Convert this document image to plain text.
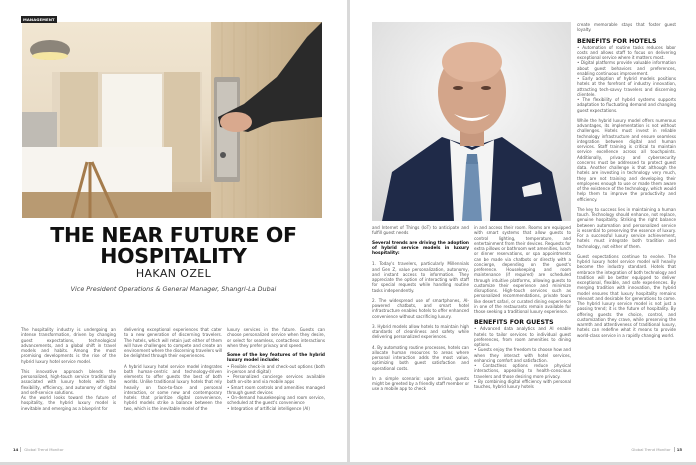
MANAGEMENT
THE NEAR FUTURE OF
HOSPITALITY
HAKAN OZEL
Vice President Operations & General Manager, Shangri-La Dubai

The hospitality industry is undergoing an intense transformation, driven by changing guest expectations, technological advancements, and a global shift in travel models and habits. Among the most promising developments is the rise of the hybrid luxury hotel service model.

This innovative approach blends the personalized, high-touch service traditionally associated with luxury hotels with the flexibility, efficiency, and autonomy of digital and self-service solutions.

As the world looks toward the future of hospitality, the hybrid luxury model is inevitable and emerging as a blueprint for

delivering exceptional experiences that cater to a new generation of discerning travelers. The hotels, which will retain just either of them will have challenges to compete and create an environment where the discerning travelers will be delighted through their experiences.

A hybrid luxury hotel service model integrates both human-centric and technology-driven elements to offer guests the best of both worlds. Unlike traditional luxury hotels that rely heavily on face-to-face and personal interaction, or some new and contemporary hotels that prioritize digital convenience, hybrid models strike a balance between the two, which is the inevitable model of the

luxury services in the future. Guests can choose personalized service when they desire, or select for seamless, contactless interactions when they prefer privacy and speed.

Some of the key features of the hybrid luxury model include:

• Flexible check-in and check-out options (both in-person and digital)
• Personalized concierge services available both on-site and via mobile apps
• Smart room controls and amenities managed through guest devices
• On-demand housekeeping and room service, scheduled at the guest's convenience
• Integration of artificial intelligence (AI)
14 Global Trend Monitor

and Internet of Things (IoT) to anticipate and fulfill guest needs

Several trends are driving the adoption of hybrid service models in luxury hospitality:

1. Today's travelers, particularly Millennials and Gen Z, value personalization, autonomy, and instant access to information. They appreciate the option of interacting with staff for special requests while handling routine tasks independently.

2. The widespread use of smartphones, AI-powered chatbots, and smart hotel infrastructure enables hotels to offer enhanced convenience without sacrificing luxury.

3. Hybrid models allow hotels to maintain high standards of cleanliness and safety while delivering personalized experiences.

4. By automating routine processes, hotels can allocate human resources to areas where personal interaction adds the most value, optimizing both guest satisfaction and operational costs.

In a simple scenario: upon arrival, guests might be greeted by a friendly staff member or use a mobile app to check

in and access their room. Rooms are equipped with smart systems that allow guests to control lighting, temperature, and entertainment from their devices. Requests for extra pillows or bathroom wet amenities, lunch or dinner reservations, or spa appointments can be made via chatbots or directly with a concierge, depending on the guest's preference. Housekeeping and room maintenance (if required) are scheduled through intuitive platforms, allowing guests to customize their experience and minimize disruptions. High-touch services such as personalized recommendations, private tours like desert safari, or curated dining experience in one of the restaurants remain available for those seeking a traditional luxury experience.

BENEFITS FOR GUESTS

• Advanced data analytics and AI enable hotels to tailor services to individual guest preferences, from room amenities to dining options.
• Guests enjoy the freedom to choose how and when they interact with hotel services, enhancing comfort and satisfaction.
• Contactless options reduce physical interactions, appealing to health-conscious travelers and those desiring more privacy.
• By combining digital efficiency with personal touches, hybrid luxury hotels

create memorable stays that foster guest loyalty.

BENEFITS FOR HOTELS

• Automation of routine tasks reduces labor costs and allows staff to focus on delivering exceptional service where it matters most.
• Digital platforms provide valuable information about guest behaviors and preferences, enabling continuous improvement.
• Early adoption of hybrid models positions hotels at the forefront of industry innovation, attracting tech-savvy travelers and discerning clientele.
• The flexibility of hybrid systems supports adaptation to fluctuating demand and changing guest expectations.

While the hybrid luxury model offers numerous advantages, its implementation is not without challenges. Hotels must invest in reliable technology infrastructure and ensure seamless integration between digital and human services. Staff training is critical to maintain service excellence across all touchpoints. Additionally, privacy and cybersecurity concerns must be addressed to protect guest data. Another challenge is that although the hotels are investing in technology very much, they are not training and developing their employees enough to use or made them aware of the existence of the technology, which would help them to improve the productivity and efficiency.

The key to success lies in maintaining a human touch. Technology should enhance, not replace, genuine hospitality. Striking the right balance between automation and personalized service is essential to preserving the essence of luxury. For a successful luxury service achievement, hotels must integrate both tradition and technology, not either of them.

Guest expectations continue to evolve. The hybrid luxury hotel service model will heavily become the industry standard. Hotels that embrace the integration of both technology and tradition will be better equipped to deliver exceptional, flexible, and safe experiences. By merging tradition with innovation, the hybrid model ensures that luxury hospitality remains relevant and desirable for generations to come. The hybrid luxury service model is not just a passing trend; it is the future of hospitality. By offering guests the choice, control, and customization they crave, while preserving the warmth and attentiveness of traditional luxury, hotels can redefine what it means to provide world-class service in a rapidly changing world.

Global Trend Monitor 15
